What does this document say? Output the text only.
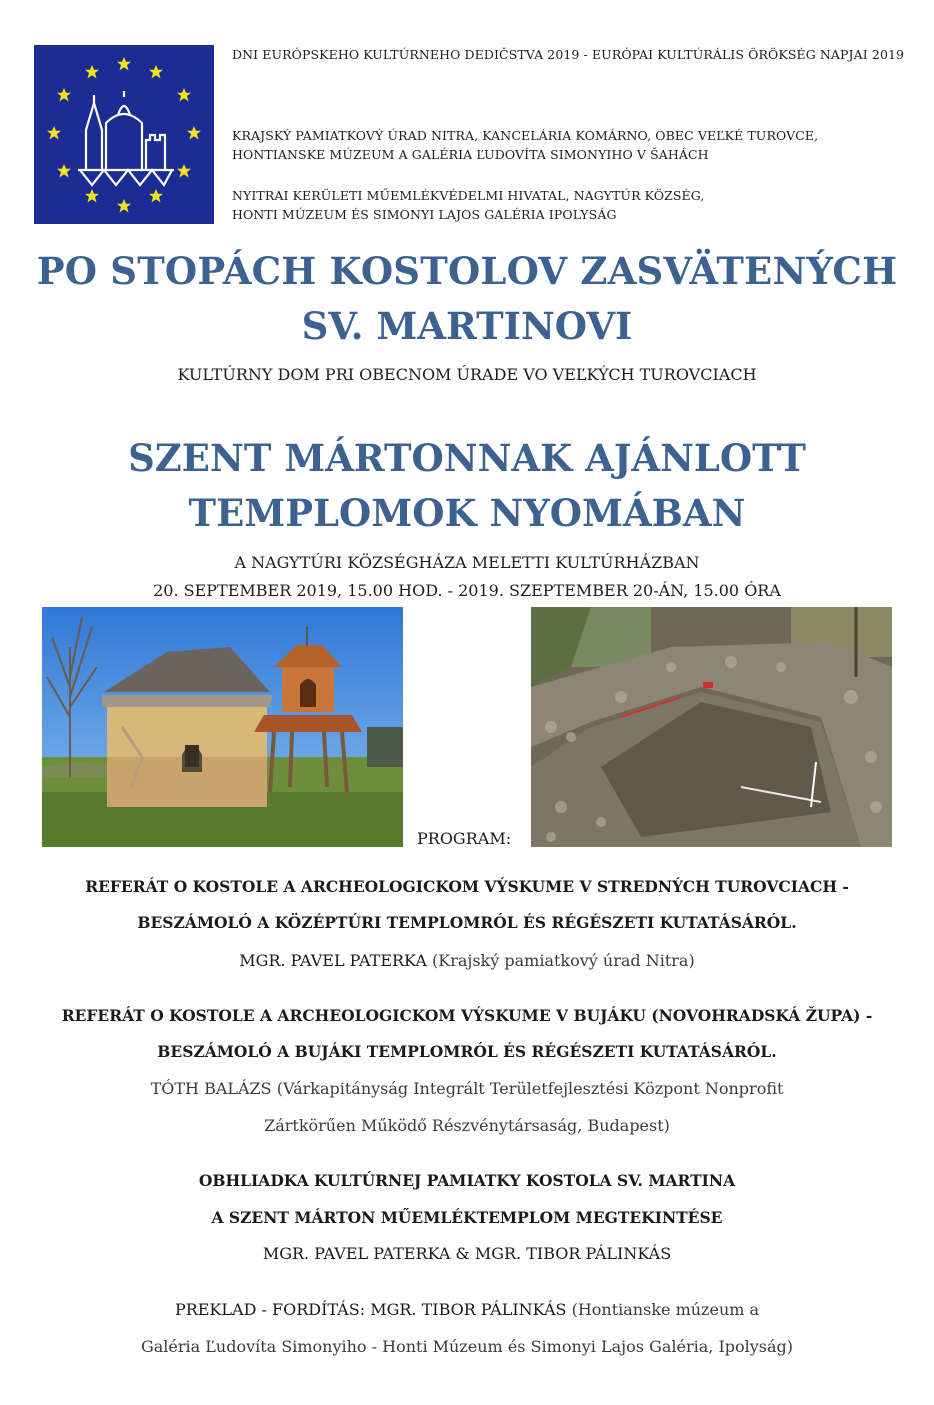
DNI EURÓPSKEHO KULTÚRNEHO DEDIČSTVA 2019 - EURÓPAI KULTÚRÁLIS ÖRÖKSÉG NAPJAI 2019
KRAJSKÝ PAMIATKOVÝ ÚRAD NITRA, KANCELÁRIA KOMÁRNO, OBEC VEĽKÉ TUROVCE,
HONTIANSKE MÚZEUM A GALÉRIA ĽUDOVÍTA SIMONYIHO V ŠAHÁCH
NYITRAI KERÜLETI MŰEMLÉKVÉDELMI HIVATAL, NAGYTÚR KÖZSÉG,
HONTI MÚZEUM ÉS SIMONYI LAJOS GALÉRIA IPOLYSÁG
PO STOPÁCH KOSTOLOV ZASVÄTENÝCH
SV. MARTINOVI
KULTÚRNY DOM PRI OBECNOM ÚRADE VO VEĽKÝCH TUROVCIACH
SZENT MÁRTONNAK AJÁNLOTT
TEMPLOMOK NYOMÁBAN
A NAGYTÚRI KÖZSÉGHÁZA MELETTI KULTÚRHÁZBAN
20. SEPTEMBER 2019, 15.00 HOD. - 2019. SZEPTEMBER 20-ÁN, 15.00 ÓRA
PROGRAM:
REFERÁT O KOSTOLE A ARCHEOLOGICKOM VÝSKUME V STREDNÝCH TUROVCIACH -
BESZÁMOLÓ A KÖZÉPTÚRI TEMPLOMRÓL ÉS RÉGÉSZETI KUTATÁSÁRÓL.
MGR. PAVEL PATERKA (Krajský pamiatkový úrad Nitra)
REFERÁT O KOSTOLE A ARCHEOLOGICKOM VÝSKUME V BUJÁKU (NOVOHRADSKÁ ŽUPA) -
BESZÁMOLÓ A BUJÁKI TEMPLOMRÓL ÉS RÉGÉSZETI KUTATÁSÁRÓL.
TÓTH BALÁZS (Várkapitányság Integrált Területfejlesztési Központ Nonprofit
Zártkörűen Működő Részvénytársaság, Budapest)
OBHLIADKA KULTÚRNEJ PAMIATKY KOSTOLA SV. MARTINA
A SZENT MÁRTON MŰEMLÉKTEMPLOM MEGTEKINTÉSE
MGR. PAVEL PATERKA & MGR. TIBOR PÁLINKÁS
PREKLAD - FORDÍTÁS: MGR. TIBOR PÁLINKÁS (Hontianske múzeum a
Galéria Ľudovíta Simonyiho - Honti Múzeum és Simonyi Lajos Galéria, Ipolyság)
